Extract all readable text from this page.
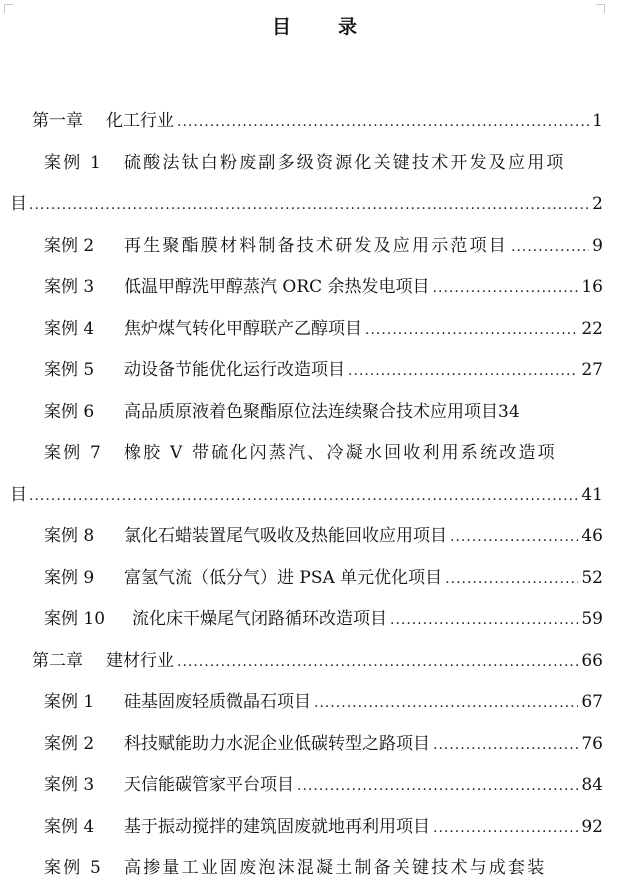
目　录
第一章	化工行业 .....	1
案例 1 硫酸法钛白粉废副多级资源化关键技术开发及应用项
目 .....	2
案例 2	再生聚酯膜材料制备技术研发及应用示范项目 .....	9
案例 3	低温甲醇洗甲醇蒸汽 ORC 余热发电项目 .....	16
案例 4	焦炉煤气转化甲醇联产乙醇项目 .....	22
案例 5	动设备节能优化运行改造项目 .....	27
案例 6	高品质原液着色聚酯原位法连续聚合技术应用项目 34
案例 7 橡胶 V 带硫化闪蒸汽、冷凝水回收利用系统改造项
目 .....	41
案例 8	氯化石蜡装置尾气吸收及热能回收应用项目 .....	46
案例 9	富氢气流（低分气）进 PSA 单元优化项目 .....	52
案例 10	流化床干燥尾气闭路循环改造项目 .....	59
第二章	建材行业 .....	66
案例 1	硅基固废轻质微晶石项目 .....	67
案例 2	科技赋能助力水泥企业低碳转型之路项目 .....	76
案例 3	天信能碳管家平台项目 .....	84
案例 4	基于振动搅拌的建筑固废就地再利用项目 .....	92
案例 5 高掺量工业固废泡沫混凝土制备关键技术与成套装
